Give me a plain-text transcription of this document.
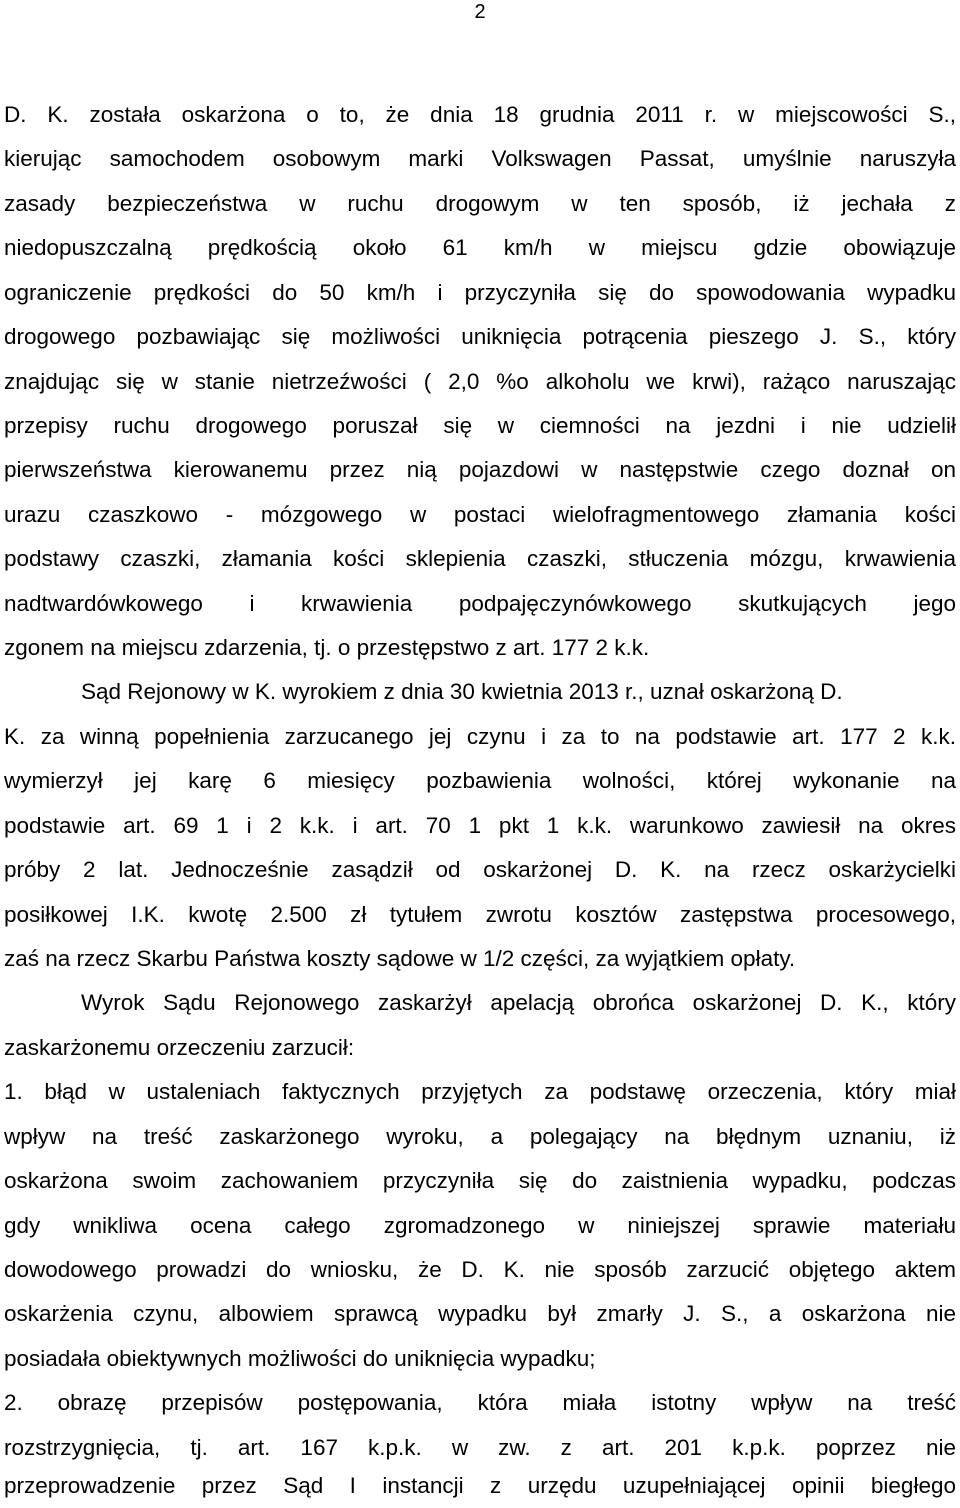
2
D. K. została oskarżona o to, że dnia 18 grudnia 2011 r. w miejscowości S.,
kierując samochodem osobowym marki Volkswagen Passat, umyślnie naruszyła
zasady bezpieczeństwa w ruchu drogowym w ten sposób, iż jechała z
niedopuszczalną prędkością około 61 km/h w miejscu gdzie obowiązuje
ograniczenie prędkości do 50 km/h i przyczyniła się do spowodowania wypadku
drogowego pozbawiając się możliwości uniknięcia potrącenia pieszego J. S., który
znajdując się w stanie nietrzeźwości ( 2,0 %o alkoholu we krwi), rażąco naruszając
przepisy ruchu drogowego poruszał się w ciemności na jezdni i nie udzielił
pierwszeństwa kierowanemu przez nią pojazdowi w następstwie czego doznał on
urazu czaszkowo - mózgowego w postaci wielofragmentowego złamania kości
podstawy czaszki, złamania kości sklepienia czaszki, stłuczenia mózgu, krwawienia
nadtwardówkowego i krwawienia podpajęczynówkowego skutkujących jego
zgonem na miejscu zdarzenia, tj. o przestępstwo z art. 177 2 k.k.
Sąd Rejonowy w K. wyrokiem z dnia 30 kwietnia 2013 r., uznał oskarżoną D.
K. za winną popełnienia zarzucanego jej czynu i za to na podstawie art. 177 2 k.k.
wymierzył jej karę 6 miesięcy pozbawienia wolności, której wykonanie na
podstawie art. 69 1 i 2 k.k. i art. 70 1 pkt 1 k.k. warunkowo zawiesił na okres
próby 2 lat. Jednocześnie zasądził od oskarżonej D. K. na rzecz oskarżycielki
posiłkowej I.K. kwotę 2.500 zł tytułem zwrotu kosztów zastępstwa procesowego,
zaś na rzecz Skarbu Państwa koszty sądowe w 1/2 części, za wyjątkiem opłaty.
Wyrok Sądu Rejonowego zaskarżył apelacją obrońca oskarżonej D. K., który
zaskarżonemu orzeczeniu zarzucił:
1. błąd w ustaleniach faktycznych przyjętych za podstawę orzeczenia, który miał
wpływ na treść zaskarżonego wyroku, a polegający na błędnym uznaniu, iż
oskarżona swoim zachowaniem przyczyniła się do zaistnienia wypadku, podczas
gdy wnikliwa ocena całego zgromadzonego w niniejszej sprawie materiału
dowodowego prowadzi do wniosku, że D. K. nie sposób zarzucić objętego aktem
oskarżenia czynu, albowiem sprawcą wypadku był zmarły J. S., a oskarżona nie
posiadała obiektywnych możliwości do uniknięcia wypadku;
2. obrazę przepisów postępowania, która miała istotny wpływ na treść
rozstrzygnięcia, tj. art. 167 k.p.k. w zw. z art. 201 k.p.k. poprzez nie
przeprowadzenie przez Sąd I instancji z urzędu uzupełniającej opinii biegłego
